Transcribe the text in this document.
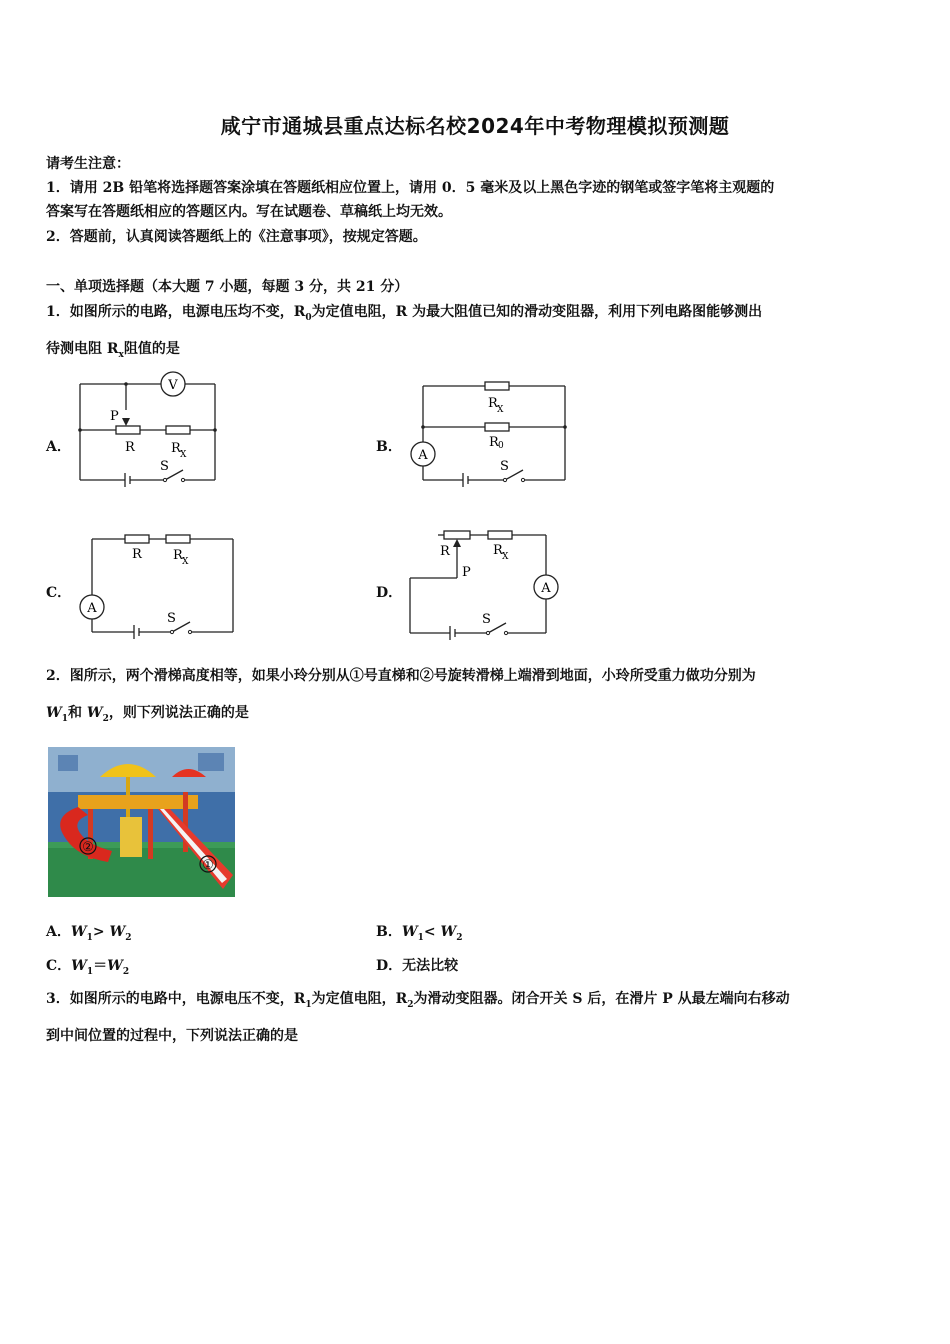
咸宁市通城县重点达标名校2024年中考物理模拟预测题
请考生注意：
1．请用 2B 铅笔将选择题答案涂填在答题纸相应位置上，请用 0．5 毫米及以上黑色字迹的钢笔或签字笔将主观题的
答案写在答题纸相应的答题区内。写在试题卷、草稿纸上均无效。
2．答题前，认真阅读答题纸上的《注意事项》，按规定答题。
一、单项选择题（本大题 7 小题，每题 3 分，共 21 分）
1．如图所示的电路，电源电压均不变，$R_0$为定值电阻，R 为最大阻值已知的滑动变阻器，利用下列电路图能够测出
待测电阻 $R_x$阻值的是
A．
V
P
R	R X
S
B．
A
R X
R 0
S
C．
A
R R X
S
D．	A
R
P
R X
S
2．图所示，两个滑梯高度相等，如果小玲分别从①号直梯和②号旋转滑梯上端滑到地面，小玲所受重力做功分别为
$W_1$和 $W_2$，则下列说法正确的是
②
①
A．$W_1> W_2$	B．$W_1< W_2$
C．$W_1=W_2$	D．无法比较
3．如图所示的电路中，电源电压不变，$R_1$为定值电阻，$R_2$为滑动变阻器。闭合开关 S 后，在滑片 P 从最左端向右移动
到中间位置的过程中，下列说法正确的是
